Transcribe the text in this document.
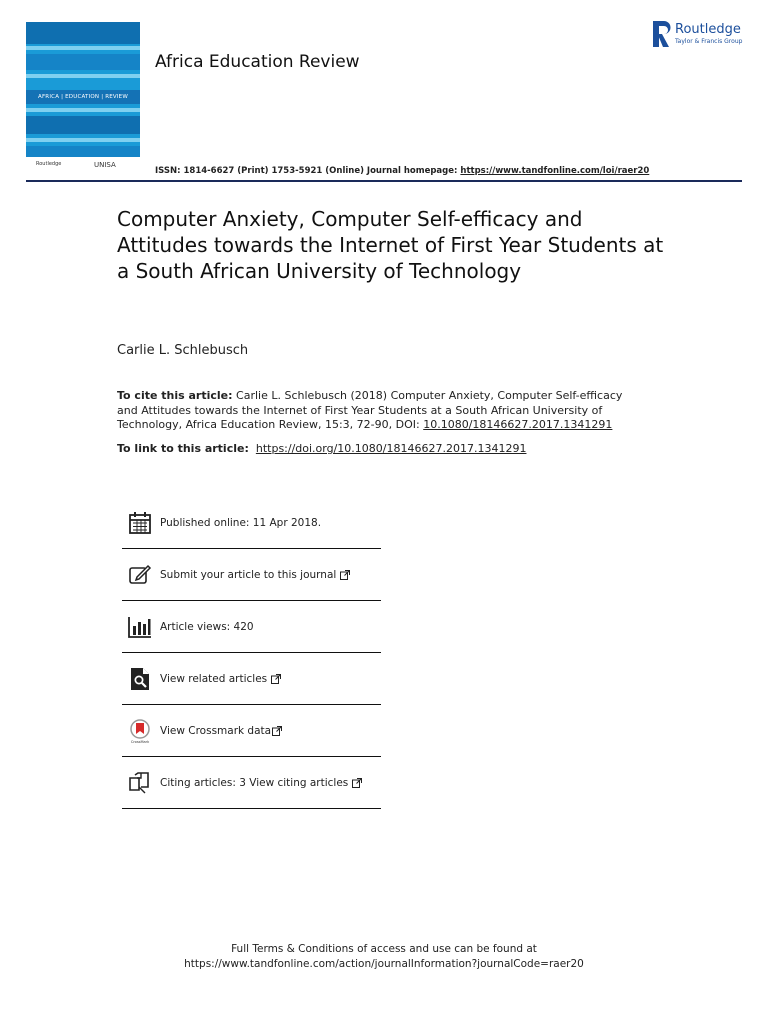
AFRICA | EDUCATION | REVIEW
Routledge	UNISA
Africa Education Review
Routledge
Taylor & Francis Group
ISSN: 1814-6627 (Print) 1753-5921 (Online) Journal homepage: https://www.tandfonline.com/loi/raer20
Computer Anxiety, Computer Self-efficacy and Attitudes towards the Internet of First Year Students at a South African University of Technology
Carlie L. Schlebusch
To cite this article: Carlie L. Schlebusch (2018) Computer Anxiety, Computer Self-efficacy and Attitudes towards the Internet of First Year Students at a South African University of Technology, Africa Education Review, 15:3, 72-90, DOI: 10.1080/18146627.2017.1341291
To link to this article: https://doi.org/10.1080/18146627.2017.1341291
Published online: 11 Apr 2018.
Submit your article to this journal
Article views: 420
View related articles
CrossMark
View Crossmark data
Citing articles: 3 View citing articles
Full Terms & Conditions of access and use can be found at
https://www.tandfonline.com/action/journalInformation?journalCode=raer20
